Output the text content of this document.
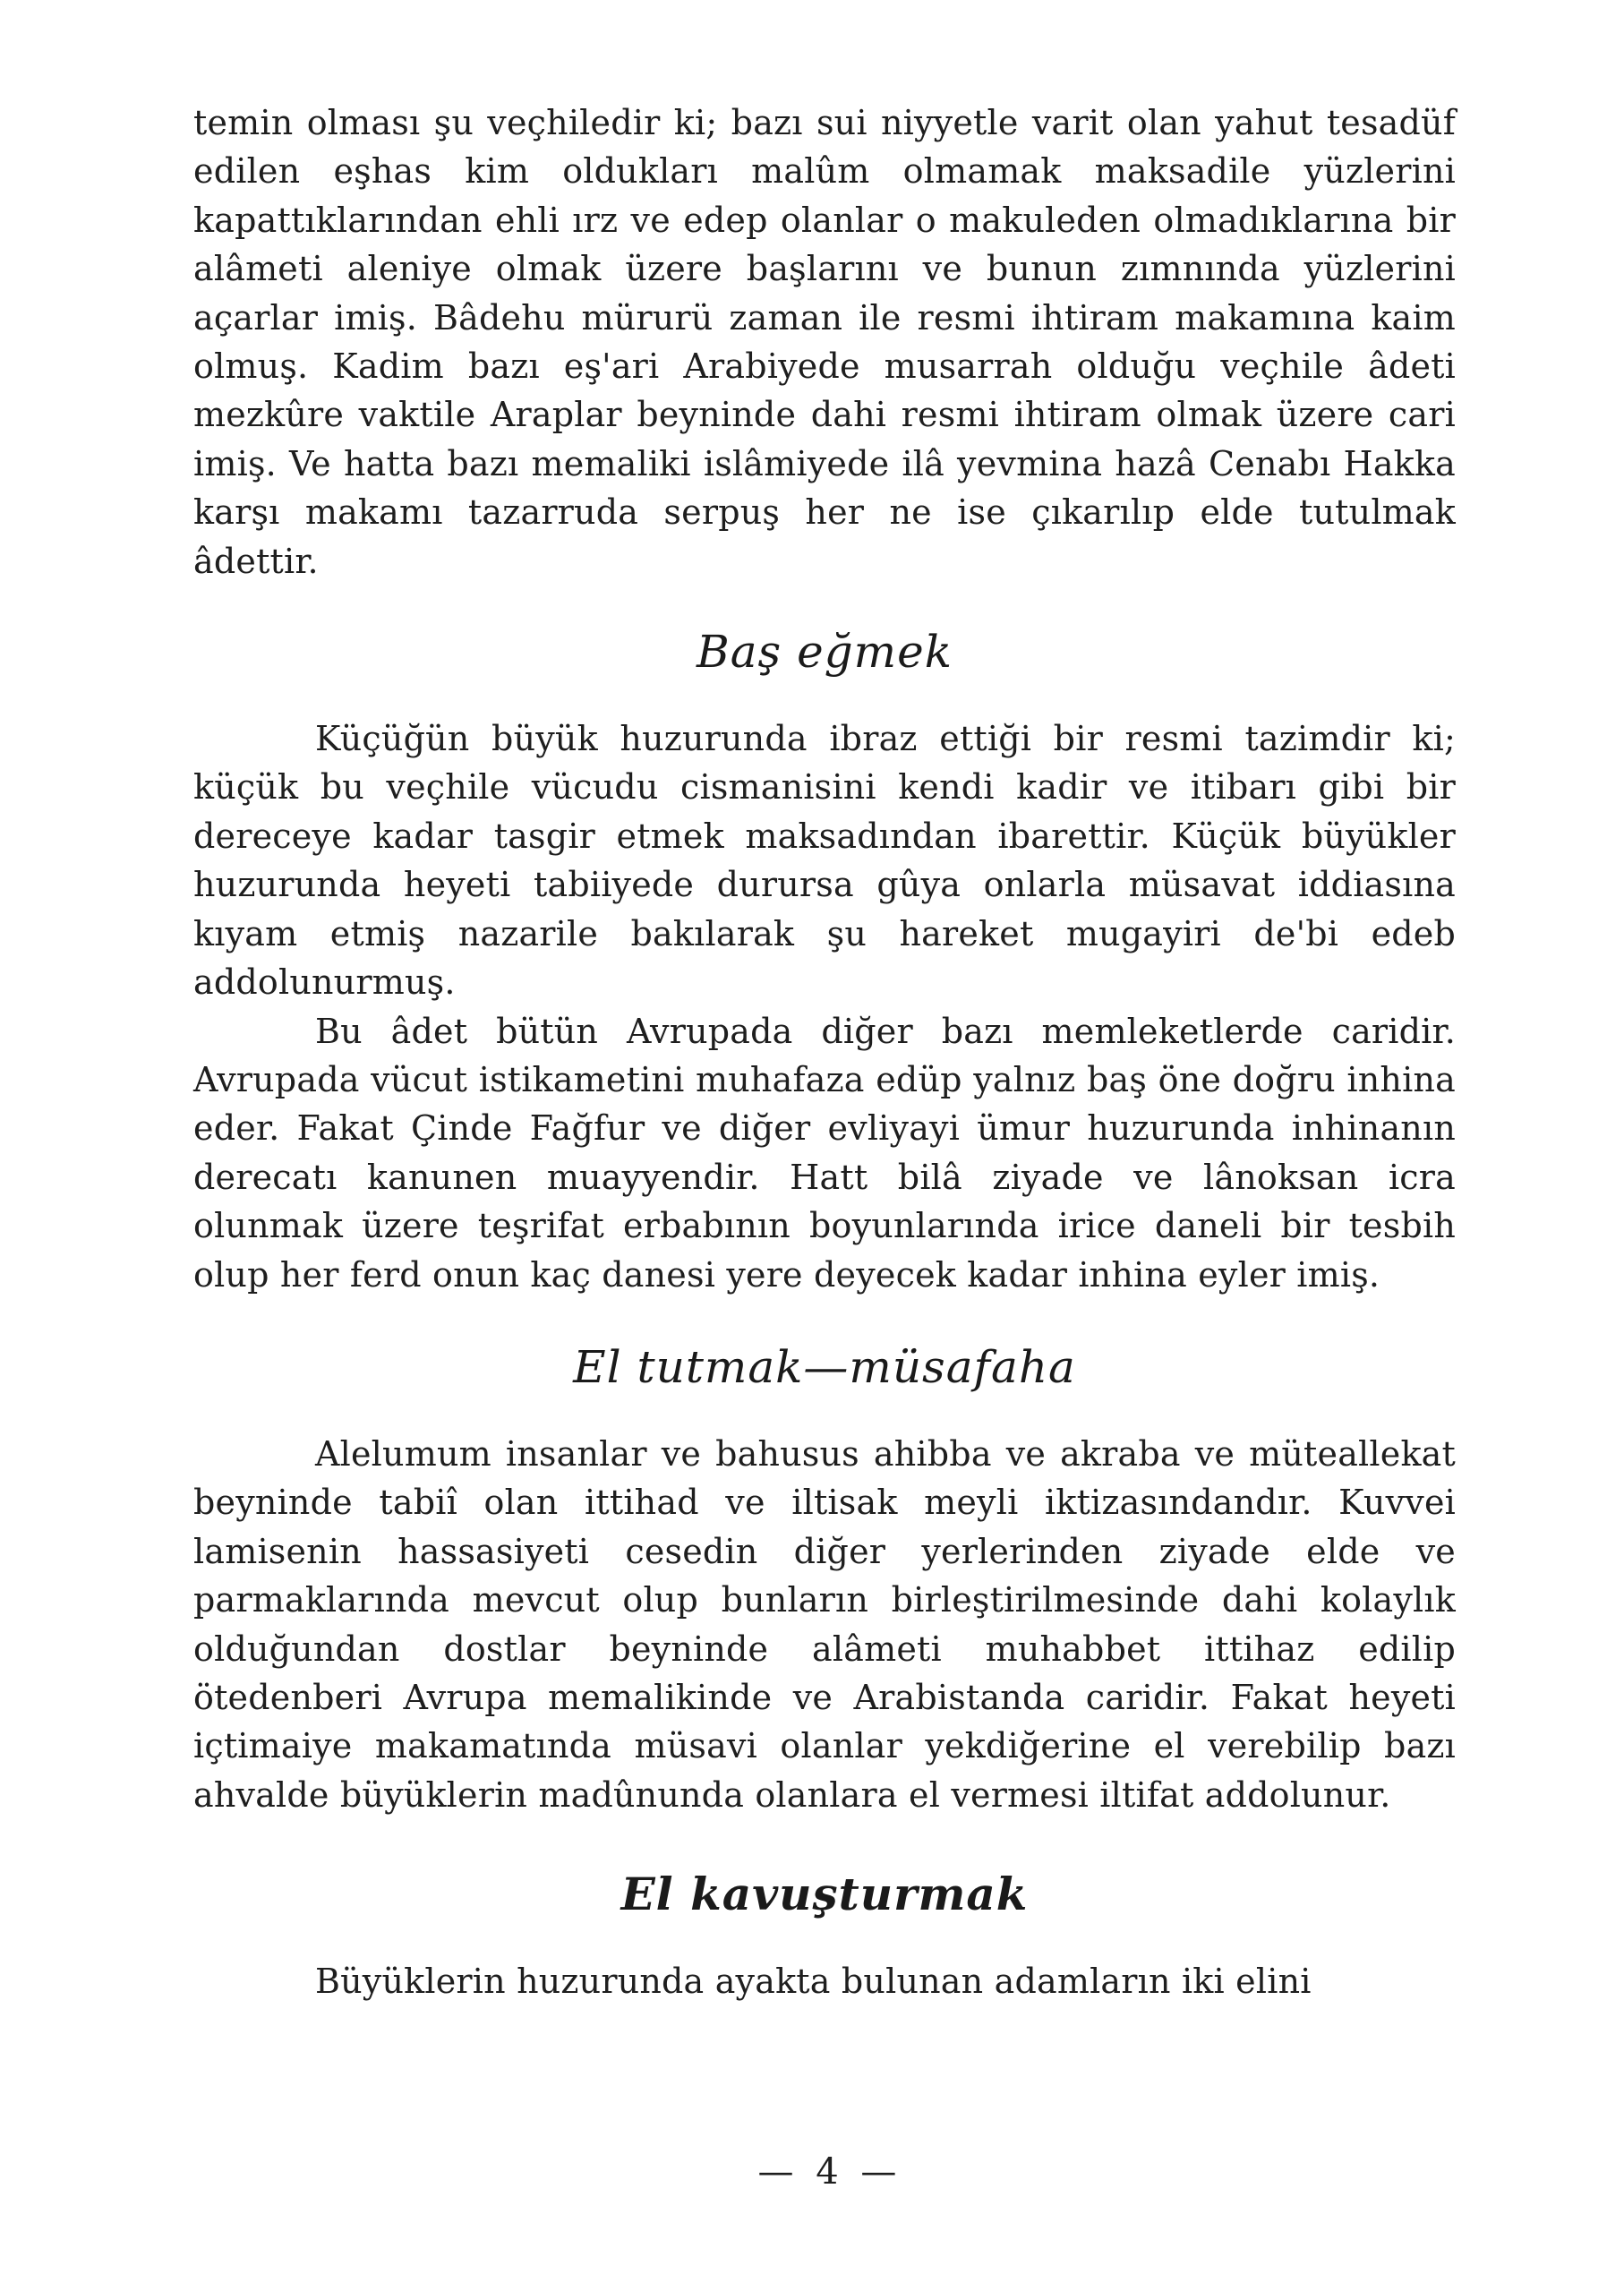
temin olması şu veçhiledir ki; bazı sui niyyetle varit olan yahut tesadüf edilen eşhas kim oldukları malûm olmamak maksadile yüzlerini kapattıklarından ehli ırz ve edep olanlar o makuleden olmadıklarına bir alâmeti aleniye olmak üzere başlarını ve bunun zımnında yüzlerini açarlar imiş. Bâdehu mürurü zaman ile resmi ihtiram makamına kaim olmuş. Kadim bazı eş'ari Arabiyede musarrah olduğu veçhile âdeti mezkûre vaktile Araplar beyninde dahi resmi ihtiram olmak üzere cari imiş. Ve hatta bazı memaliki islâmiyede ilâ yevmina hazâ Cenabı Hakka karşı makamı tazarruda serpuş her ne ise çıkarılıp elde tutulmak âdettir.

Baş eğmek

Küçüğün büyük huzurunda ibraz ettiği bir resmi tazimdir ki; küçük bu veçhile vücudu cismanisini kendi kadir ve itibarı gibi bir dereceye kadar tasgir etmek maksadından ibarettir. Küçük büyükler huzurunda heyeti tabiiyede durursa gûya onlarla müsavat iddiasına kıyam etmiş nazarile bakılarak şu hareket mugayiri de'bi edeb addolunurmuş.

Bu âdet bütün Avrupada diğer bazı memleketlerde caridir. Avrupada vücut istikametini muhafaza edüp yalnız baş öne doğru inhina eder. Fakat Çinde Fağfur ve diğer evliyayi ümur huzurunda inhinanın derecatı kanunen muayyendir. Hatt bilâ ziyade ve lânoksan icra olunmak üzere teşrifat erbabının boyunlarında irice daneli bir tesbih olup her ferd onun kaç danesi yere deyecek kadar inhina eyler imiş.

El tutmak—müsafaha

Alelumum insanlar ve bahusus ahibba ve akraba ve müteallekat beyninde tabiî olan ittihad ve iltisak meyli iktizasındandır. Kuvvei lamisenin hassasiyeti cesedin diğer yerlerinden ziyade elde ve parmaklarında mevcut olup bunların birleştirilmesinde dahi kolaylık olduğundan dostlar beyninde alâmeti muhabbet ittihaz edilip ötedenberi Avrupa memalikinde ve Arabistanda caridir. Fakat heyeti içtimaiye makamatında müsavi olanlar yekdiğerine el verebilip bazı ahvalde büyüklerin madûnunda olanlara el vermesi iltifat addolunur.

El kavuşturmak

Büyüklerin huzurunda ayakta bulunan adamların iki elini

— 4 —
